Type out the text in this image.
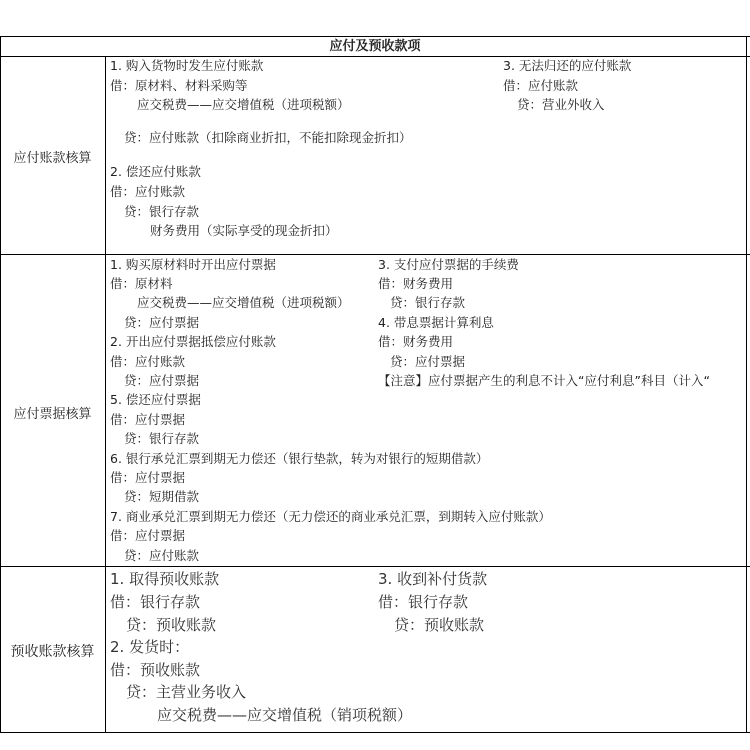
应付及预收款项
应付账款核算
应付票据核算
预收账款核算
1. 购入货物时发生应付账款
借：原材料、材料采购等
应交税费——应交增值税（进项税额）
贷：应付账款（扣除商业折扣，不能扣除现金折扣）
2. 偿还应付账款
借：应付账款
贷：银行存款
财务费用（实际享受的现金折扣）
3. 无法归还的应付账款
借：应付账款
贷：营业外收入
1. 购买原材料时开出应付票据
借：原材料
应交税费——应交增值税（进项税额）
贷：应付票据
2. 开出应付票据抵偿应付账款
借：应付账款
贷：应付票据
5. 偿还应付票据
借：应付票据
贷：银行存款
6. 银行承兑汇票到期无力偿还（银行垫款，转为对银行的短期借款）
借：应付票据
贷：短期借款
7. 商业承兑汇票到期无力偿还（无力偿还的商业承兑汇票，到期转入应付账款）
借：应付票据
贷：应付账款
3. 支付应付票据的手续费
借：财务费用
贷：银行存款
4. 带息票据计算利息
借：财务费用
贷：应付票据
【注意】应付票据产生的利息不计入“应付利息”科目（计入“
1. 取得预收账款
借：银行存款
贷：预收账款
2. 发货时：
借：预收账款
贷：主营业务收入
应交税费——应交增值税（销项税额）
3. 收到补付货款
借：银行存款
贷：预收账款
